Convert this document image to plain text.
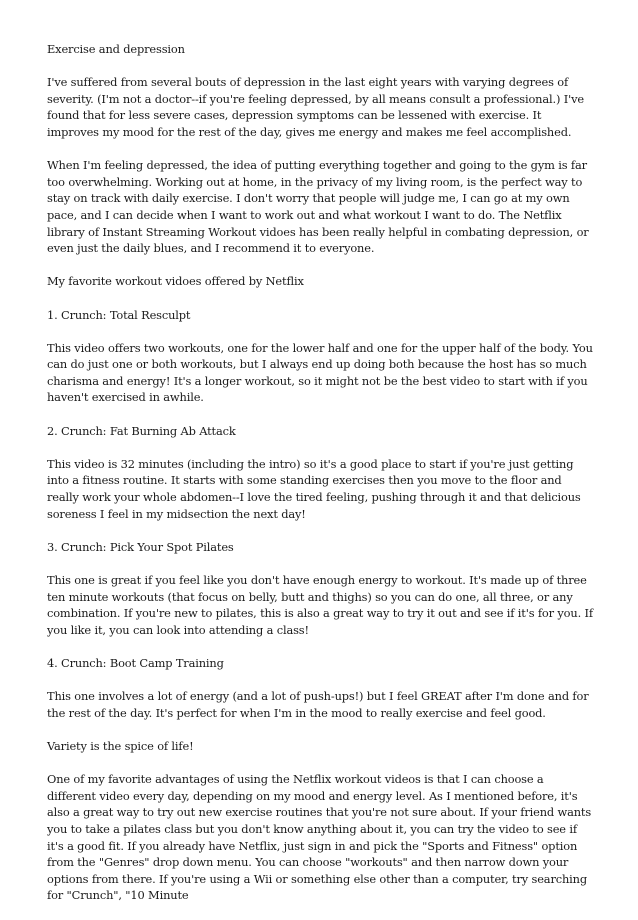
Exercise and depression

I've suffered from several bouts of depression in the last eight years with varying degrees of severity. (I'm not a doctor--if you're feeling depressed, by all means consult a professional.) I've found that for less severe cases, depression symptoms can be lessened with exercise. It improves my mood for the rest of the day, gives me energy and makes me feel accomplished.

When I'm feeling depressed, the idea of putting everything together and going to the gym is far too overwhelming. Working out at home, in the privacy of my living room, is the perfect way to stay on track with daily exercise. I don't worry that people will judge me, I can go at my own pace, and I can decide when I want to work out and what workout I want to do. The Netflix library of Instant Streaming Workout vidoes has been really helpful in combating depression, or even just the daily blues, and I recommend it to everyone.

My favorite workout vidoes offered by Netflix

1. Crunch: Total Resculpt

This video offers two workouts, one for the lower half and one for the upper half of the body. You can do just one or both workouts, but I always end up doing both because the host has so much charisma and energy! It's a longer workout, so it might not be the best video to start with if you haven't exercised in awhile.

2. Crunch: Fat Burning Ab Attack

This video is 32 minutes (including the intro) so it's a good place to start if you're just getting into a fitness routine. It starts with some standing exercises then you move to the floor and really work your whole abdomen--I love the tired feeling, pushing through it and that delicious soreness I feel in my midsection the next day!

3. Crunch: Pick Your Spot Pilates

This one is great if you feel like you don't have enough energy to workout. It's made up of three ten minute workouts (that focus on belly, butt and thighs) so you can do one, all three, or any combination. If you're new to pilates, this is also a great way to try it out and see if it's for you. If you like it, you can look into attending a class!

4. Crunch: Boot Camp Training

This one involves a lot of energy (and a lot of push-ups!) but I feel GREAT after I'm done and for the rest of the day. It's perfect for when I'm in the mood to really exercise and feel good.

Variety is the spice of life!

One of my favorite advantages of using the Netflix workout videos is that I can choose a different video every day, depending on my mood and energy level. As I mentioned before, it's also a great way to try out new exercise routines that you're not sure about. If your friend wants you to take a pilates class but you don't know anything about it, you can try the video to see if it's a good fit. If you already have Netflix, just sign in and pick the "Sports and Fitness" option from the "Genres" drop down menu. You can choose "workouts" and then narrow down your options from there. If you're using a Wii or something else other than a computer, try searching for "Crunch", "10 Minute
